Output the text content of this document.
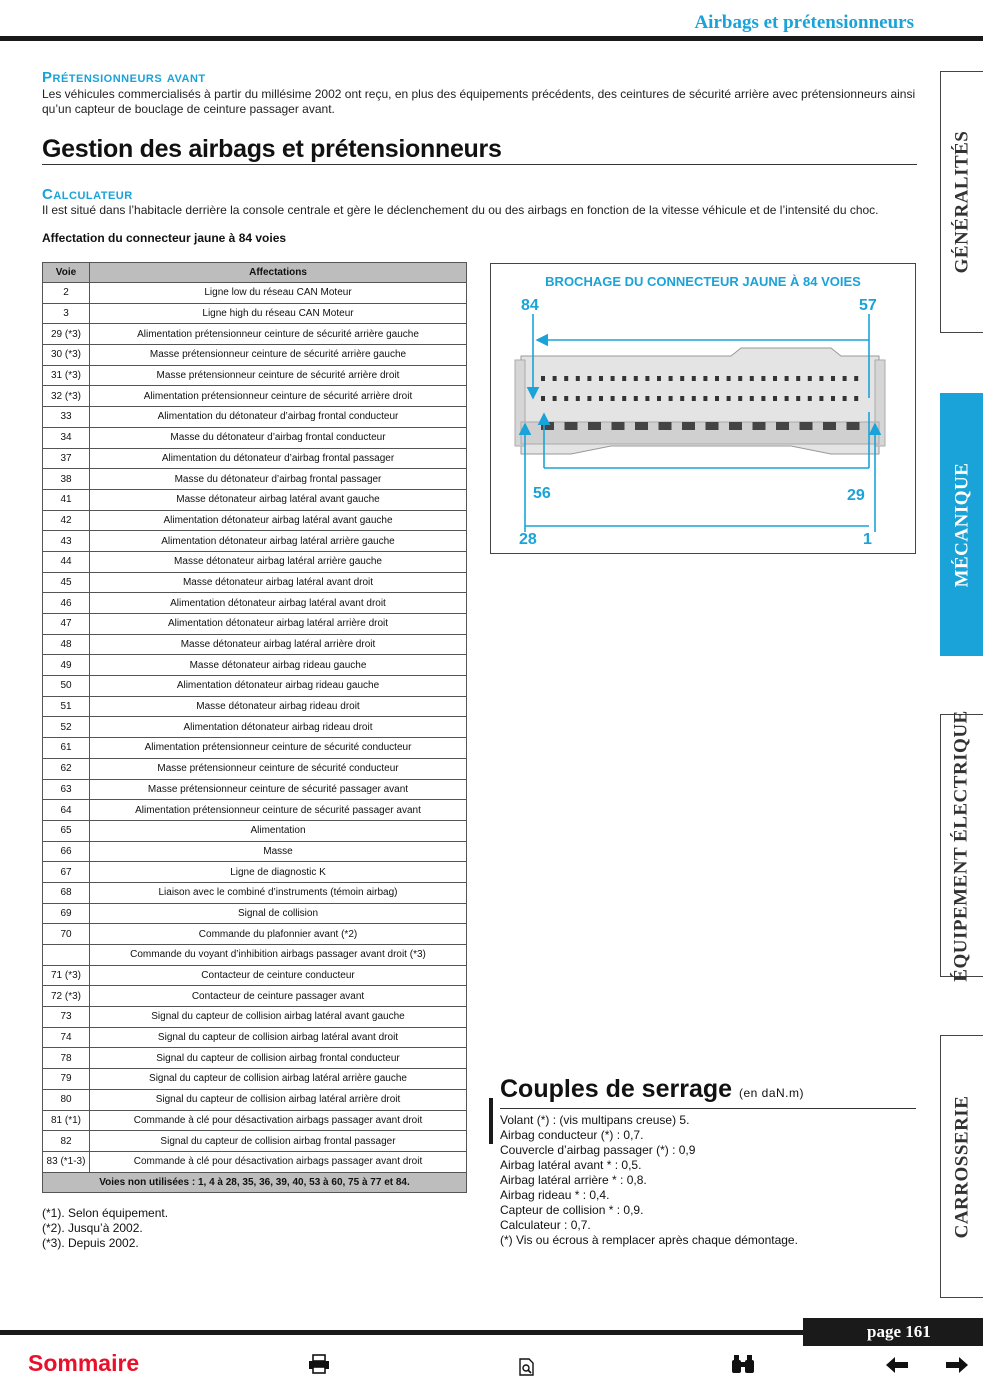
Airbags et prétensionneurs
Prétensionneurs avant
Les véhicules commercialisés à partir du millésime 2002 ont reçu, en plus des équipements précédents, des ceintures de sécurité arrière avec prétensionneurs ainsi qu’un capteur de bouclage de ceinture passager avant.
Gestion des airbags et prétensionneurs
Calculateur
Il est situé dans l’habitacle derrière la console centrale et gère le déclenchement du ou des airbags en fonction de la vitesse véhicule et de l’intensité du choc.
Affectation du connecteur jaune à 84 voies
Voie	Affectations
2	Ligne low du réseau CAN Moteur
3	Ligne high du réseau CAN Moteur
29 (*3)	Alimentation prétensionneur ceinture de sécurité arrière gauche
30 (*3)	Masse prétensionneur ceinture de sécurité arrière gauche
31 (*3)	Masse prétensionneur ceinture de sécurité arrière droit
32 (*3)	Alimentation prétensionneur ceinture de sécurité arrière droit
33	Alimentation du détonateur d’airbag frontal conducteur
34	Masse du détonateur d’airbag frontal conducteur
37	Alimentation du détonateur d’airbag frontal passager
38	Masse du détonateur d’airbag frontal passager
41	Masse détonateur airbag latéral avant gauche
42	Alimentation détonateur airbag latéral avant gauche
43	Alimentation détonateur airbag latéral arrière gauche
44	Masse détonateur airbag latéral arrière gauche
45	Masse détonateur airbag latéral avant droit
46	Alimentation détonateur airbag latéral avant droit
47	Alimentation détonateur airbag latéral arrière droit
48	Masse détonateur airbag latéral arrière droit
49	Masse détonateur airbag rideau gauche
50	Alimentation détonateur airbag rideau gauche
51	Masse détonateur airbag rideau droit
52	Alimentation détonateur airbag rideau droit
61	Alimentation prétensionneur ceinture de sécurité conducteur
62	Masse prétensionneur ceinture de sécurité conducteur
63	Masse prétensionneur ceinture de sécurité passager avant
64	Alimentation prétensionneur ceinture de sécurité passager avant
65	Alimentation
66	Masse
67	Ligne de diagnostic K
68	Liaison avec le combiné d’instruments (témoin airbag)
69	Signal de collision
70	Commande du plafonnier avant (*2)
	Commande du voyant d’inhibition airbags passager avant droit (*3)
71 (*3)	Contacteur de ceinture conducteur
72 (*3)	Contacteur de ceinture passager avant
73	Signal du capteur de collision airbag latéral avant gauche
74	Signal du capteur de collision airbag latéral avant droit
78	Signal du capteur de collision airbag frontal conducteur
79	Signal du capteur de collision airbag latéral arrière gauche
80	Signal du capteur de collision airbag latéral arrière droit
81 (*1)	Commande à clé pour désactivation airbags passager avant droit
82	Signal du capteur de collision airbag frontal passager
83 (*1-3)	Commande à clé pour désactivation airbags passager avant droit
Voies non utilisées : 1, 4 à 28, 35, 36, 39, 40, 53 à 60, 75 à 77 et 84.	
(*1). Selon équipement.
(*2). Jusqu’à 2002.
(*3). Depuis 2002.
BROCHAGE DU CONNECTEUR JAUNE À 84 VOIES
84	57
56	29
28	1
Couples de serrage (en daN.m)
Volant (*) : (vis multipans creuse) 5.
Airbag conducteur (*) : 0,7.
Couvercle d’airbag passager (*) : 0,9
Airbag latéral avant * : 0,5.
Airbag latéral arrière * : 0,8.
Airbag rideau * : 0,4.
Capteur de collision * : 0,9.
Calculateur : 0,7.
(*) Vis ou écrous à remplacer après chaque démontage.
GÉNÉRALITÉS
MÉCANIQUE
ÉQUIPEMENT ÉLECTRIQUE
CARROSSERIE
page 161
Sommaire
